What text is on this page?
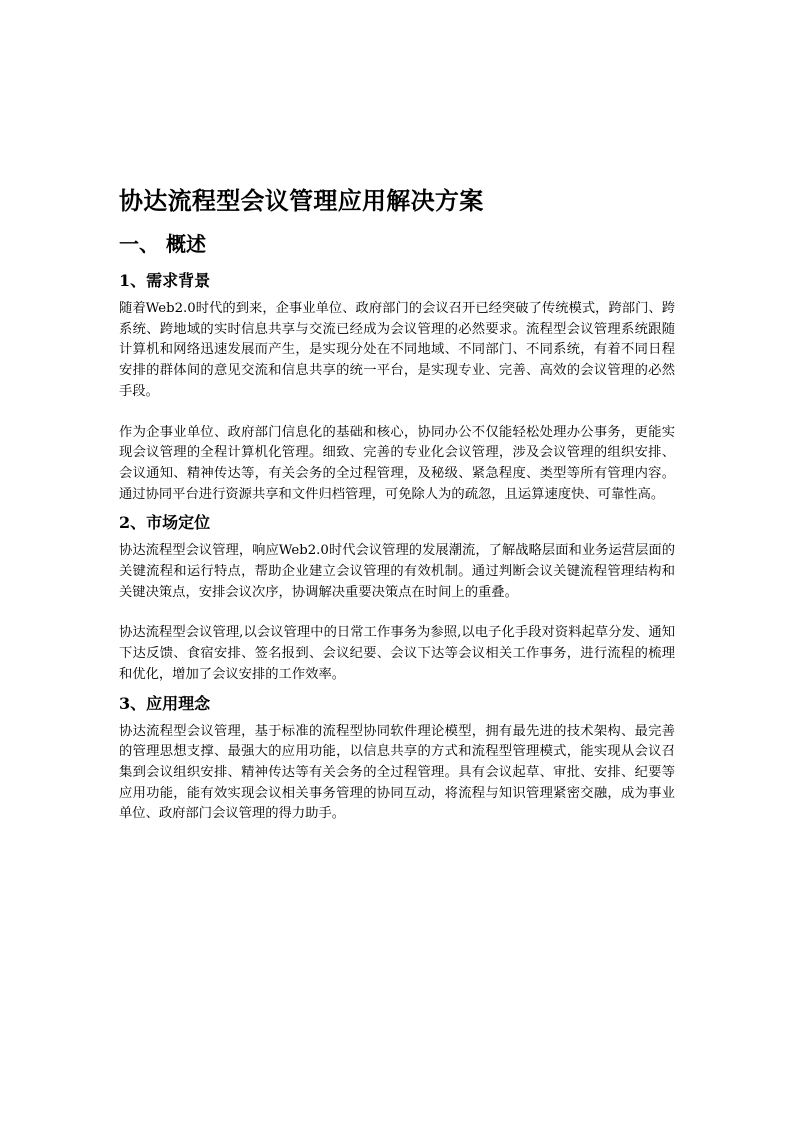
协达流程型会议管理应用解决方案
一、 概述
1、需求背景

随着Web2.0时代的到来，企事业单位、政府部门的会议召开已经突破了传统模式，跨部门、跨系统、跨地域的实时信息共享与交流已经成为会议管理的必然要求。流程型会议管理系统跟随计算机和网络迅速发展而产生，是实现分处在不同地域、不同部门、不同系统，有着不同日程安排的群体间的意见交流和信息共享的统一平台，是实现专业、完善、高效的会议管理的必然手段。

作为企事业单位、政府部门信息化的基础和核心，协同办公不仅能轻松处理办公事务，更能实现会议管理的全程计算机化管理。细致、完善的专业化会议管理，涉及会议管理的组织安排、会议通知、精神传达等，有关会务的全过程管理，及秘级、紧急程度、类型等所有管理内容。通过协同平台进行资源共享和文件归档管理，可免除人为的疏忽，且运算速度快、可靠性高。

2、市场定位

协达流程型会议管理，响应Web2.0时代会议管理的发展潮流，了解战略层面和业务运营层面的关键流程和运行特点，帮助企业建立会议管理的有效机制。通过判断会议关键流程管理结构和关键决策点，安排会议次序，协调解决重要决策点在时间上的重叠。

协达流程型会议管理,以会议管理中的日常工作事务为参照,以电子化手段对资料起草分发、通知下达反馈、食宿安排、签名报到、会议纪要、会议下达等会议相关工作事务，进行流程的梳理和优化，增加了会议安排的工作效率。

3、应用理念

协达流程型会议管理，基于标准的流程型协同软件理论模型，拥有最先进的技术架构、最完善的管理思想支撑、最强大的应用功能，以信息共享的方式和流程型管理模式，能实现从会议召集到会议组织安排、精神传达等有关会务的全过程管理。具有会议起草、审批、安排、纪要等应用功能，能有效实现会议相关事务管理的协同互动，将流程与知识管理紧密交融，成为事业单位、政府部门会议管理的得力助手。
